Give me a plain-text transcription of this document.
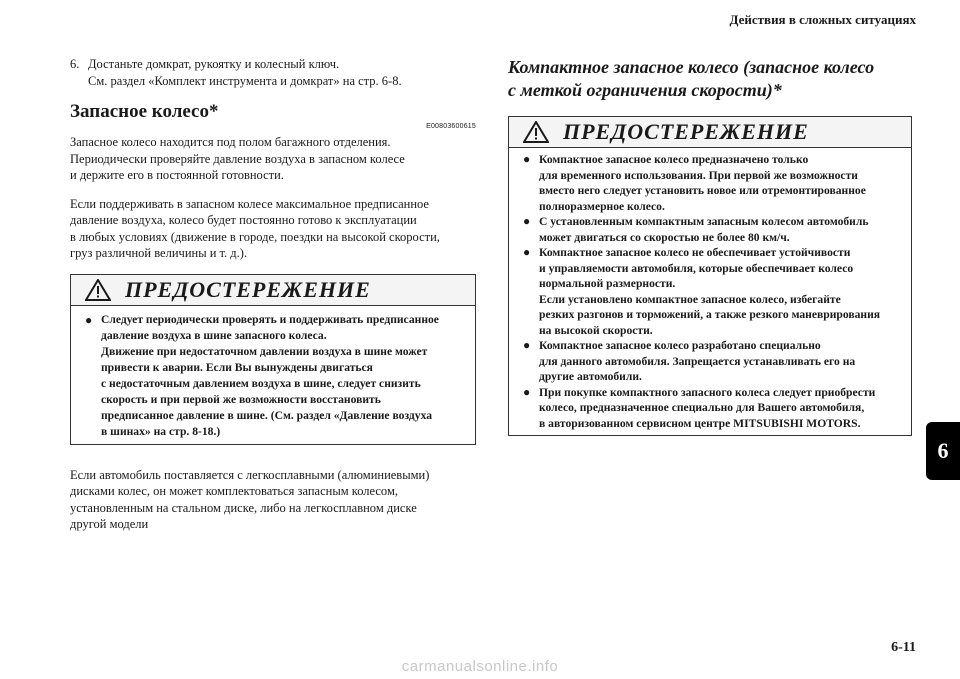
Действия в сложных ситуациях
6
6. Достаньте домкрат, рукоятку и колесный ключ.
См. раздел «Комплект инструмента и домкрат» на стр. 6-8.
Запасное колесо*
E00803600615
Запасное колесо находится под полом багажного отделения.
Периодически проверяйте давление воздуха в запасном колесе
и держите его в постоянной готовности.
Если поддерживать в запасном колесе максимальное предписанное
давление воздуха, колесо будет постоянно готово к эксплуатации
в любых условиях (движение в городе, поездки на высокой скорости,
груз различной величины и т. д.).
ПРЕДОСТЕРЕЖЕНИЕ
● Следует периодически проверять и поддерживать предписанное
давление воздуха в шине запасного колеса.
Движение при недостаточном давлении воздуха в шине может
привести к аварии. Если Вы вынуждены двигаться
с недостаточным давлением воздуха в шине, следует снизить
скорость и при первой же возможности восстановить
предписанное давление в шине. (См. раздел «Давление воздуха
в шинах» на стр. 8-18.)
Если автомобиль поставляется с легкосплавными (алюминиевыми)
дисками колес, он может комплектоваться запасным колесом,
установленным на стальном диске, либо на легкосплавном диске
другой модели
Компактное запасное колесо (запасное колесо
с меткой ограничения скорости)*
ПРЕДОСТЕРЕЖЕНИЕ
● Компактное запасное колесо предназначено только
для временного использования. При первой же возможности
вместо него следует установить новое или отремонтированное
полноразмерное колесо.
● С установленным компактным запасным колесом автомобиль
может двигаться со скоростью не более 80 км/ч.
● Компактное запасное колесо не обеспечивает устойчивости
и управляемости автомобиля, которые обеспечивает колесо
нормальной размерности.
Если установлено компактное запасное колесо, избегайте
резких разгонов и торможений, а также резкого маневрирования
на высокой скорости.
● Компактное запасное колесо разработано специально
для данного автомобиля. Запрещается устанавливать его на
другие автомобили.
● При покупке компактного запасного колеса следует приобрести
колесо, предназначенное специально для Вашего автомобиля,
в авторизованном сервисном центре MITSUBISHI MOTORS.
6-11
carmanualsonline.info
